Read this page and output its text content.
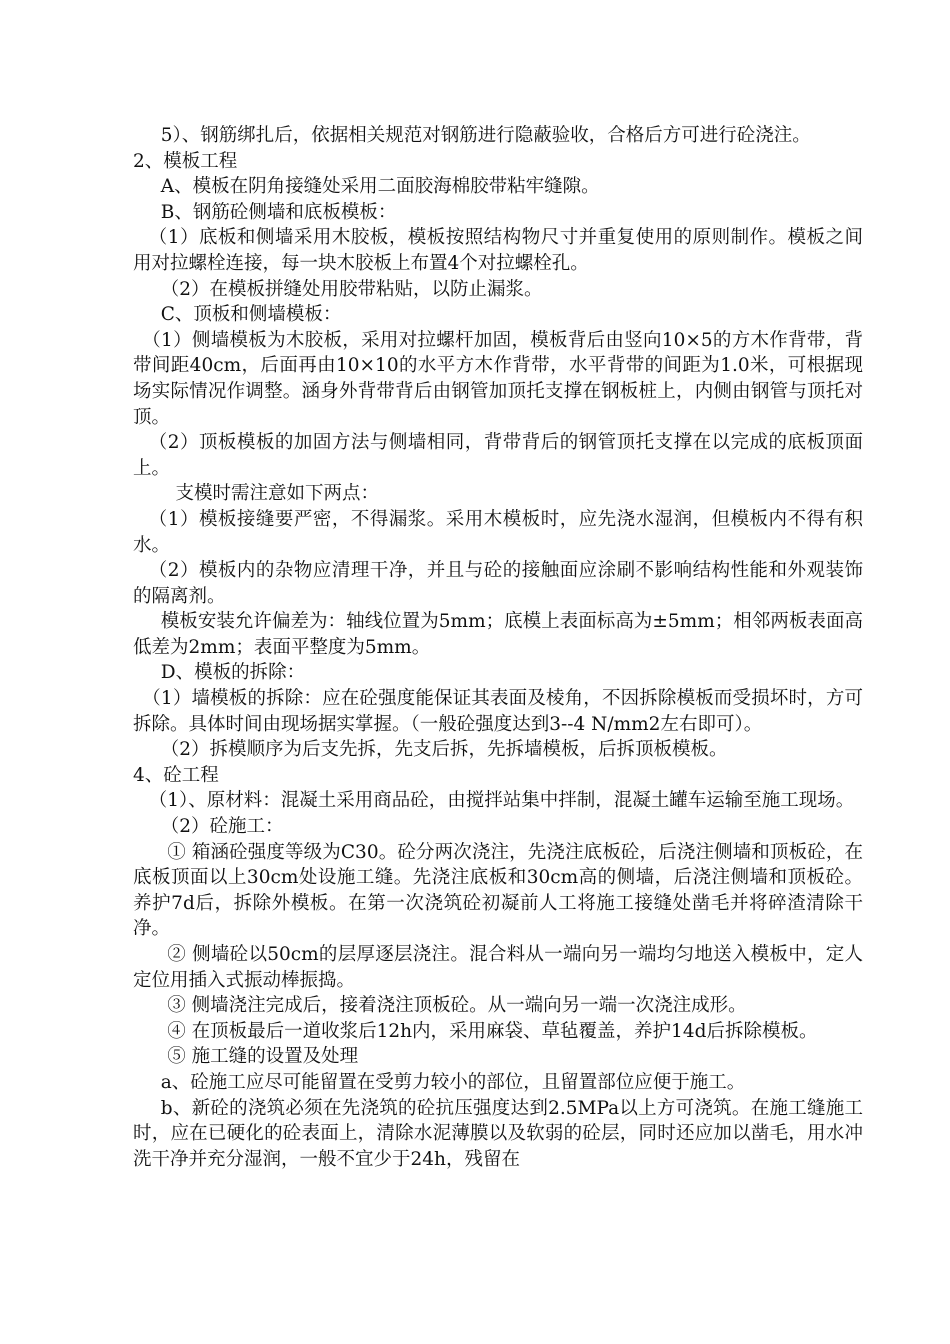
5）、钢筋绑扎后，依据相关规范对钢筋进行隐蔽验收，合格后方可进行砼浇注。

2、模板工程

A、模板在阴角接缝处采用二面胶海棉胶带粘牢缝隙。

B、钢筋砼侧墙和底板模板：

（1）底板和侧墙采用木胶板，模板按照结构物尺寸并重复使用的原则制作。模板之间用对拉螺栓连接，每一块木胶板上布置4个对拉螺栓孔。

（2）在模板拼缝处用胶带粘贴，以防止漏浆。

C、顶板和侧墙模板：

（1）侧墙模板为木胶板，采用对拉螺杆加固，模板背后由竖向10×5的方木作背带，背带间距40cm，后面再由10×10的水平方木作背带，水平背带的间距为1.0米，可根据现场实际情况作调整。涵身外背带背后由钢管加顶托支撑在钢板桩上，内侧由钢管与顶托对顶。

（2）顶板模板的加固方法与侧墙相同，背带背后的钢管顶托支撑在以完成的底板顶面上。

支模时需注意如下两点：

（1）模板接缝要严密，不得漏浆。采用木模板时，应先浇水湿润，但模板内不得有积水。

（2）模板内的杂物应清理干净，并且与砼的接触面应涂刷不影响结构性能和外观装饰的隔离剂。

模板安装允许偏差为：轴线位置为5mm；底模上表面标高为±5mm；相邻两板表面高低差为2mm；表面平整度为5mm。

D、模板的拆除：

（1）墙模板的拆除：应在砼强度能保证其表面及棱角，不因拆除模板而受损坏时，方可拆除。具体时间由现场据实掌握。（一般砼强度达到3--4 N/mm2左右即可）。

（2）拆模顺序为后支先拆，先支后拆，先拆墙模板，后拆顶板模板。

4、砼工程

（1）、原材料：混凝土采用商品砼，由搅拌站集中拌制，混凝土罐车运输至施工现场。

（2）砼施工：

① 箱涵砼强度等级为C30。砼分两次浇注，先浇注底板砼，后浇注侧墙和顶板砼，在底板顶面以上30cm处设施工缝。先浇注底板和30cm高的侧墙，后浇注侧墙和顶板砼。养护7d后，拆除外模板。在第一次浇筑砼初凝前人工将施工接缝处凿毛并将碎渣清除干净。

② 侧墙砼以50cm的层厚逐层浇注。混合料从一端向另一端均匀地送入模板中，定人定位用插入式振动棒振捣。

③ 侧墙浇注完成后，接着浇注顶板砼。从一端向另一端一次浇注成形。

④ 在顶板最后一道收浆后12h内，采用麻袋、草毡覆盖，养护14d后拆除模板。

⑤ 施工缝的设置及处理

a、砼施工应尽可能留置在受剪力较小的部位，且留置部位应便于施工。

b、新砼的浇筑必须在先浇筑的砼抗压强度达到2.5MPa以上方可浇筑。在施工缝施工时，应在已硬化的砼表面上，清除水泥薄膜以及软弱的砼层，同时还应加以凿毛，用水冲洗干净并充分湿润，一般不宜少于24h，残留在
